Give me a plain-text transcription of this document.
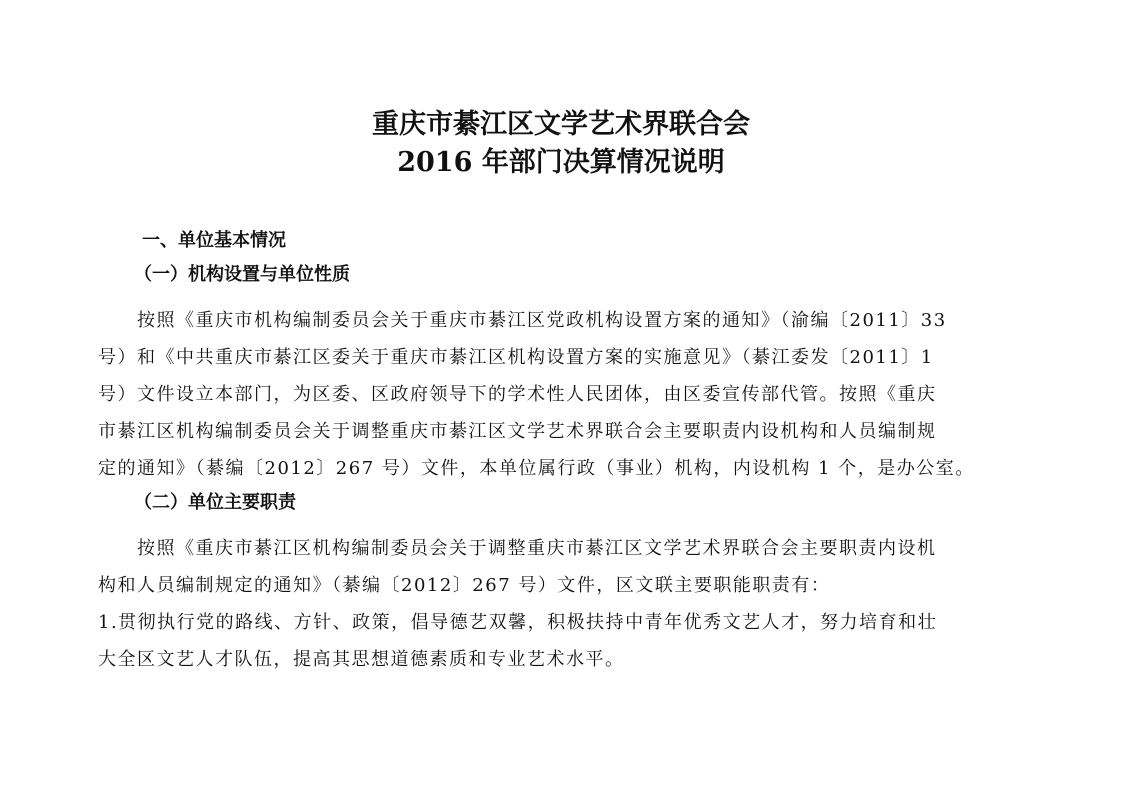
重庆市綦江区文学艺术界联合会
2016 年部门决算情况说明
一、单位基本情况
（一）机构设置与单位性质
　　按照《重庆市机构编制委员会关于重庆市綦江区党政机构设置方案的通知》（渝编〔2011〕33
号）和《中共重庆市綦江区委关于重庆市綦江区机构设置方案的实施意见》（綦江委发〔2011〕1
号）文件设立本部门，为区委、区政府领导下的学术性人民团体，由区委宣传部代管。按照《重庆
市綦江区机构编制委员会关于调整重庆市綦江区文学艺术界联合会主要职责内设机构和人员编制规
定的通知》（綦编〔2012〕267 号）文件，本单位属行政（事业）机构，内设机构 1 个，是办公室。
（二）单位主要职责
　　按照《重庆市綦江区机构编制委员会关于调整重庆市綦江区文学艺术界联合会主要职责内设机
构和人员编制规定的通知》（綦编〔2012〕267 号）文件，区文联主要职能职责有：
1.贯彻执行党的路线、方针、政策，倡导德艺双馨，积极扶持中青年优秀文艺人才，努力培育和壮
大全区文艺人才队伍，提高其思想道德素质和专业艺术水平。
